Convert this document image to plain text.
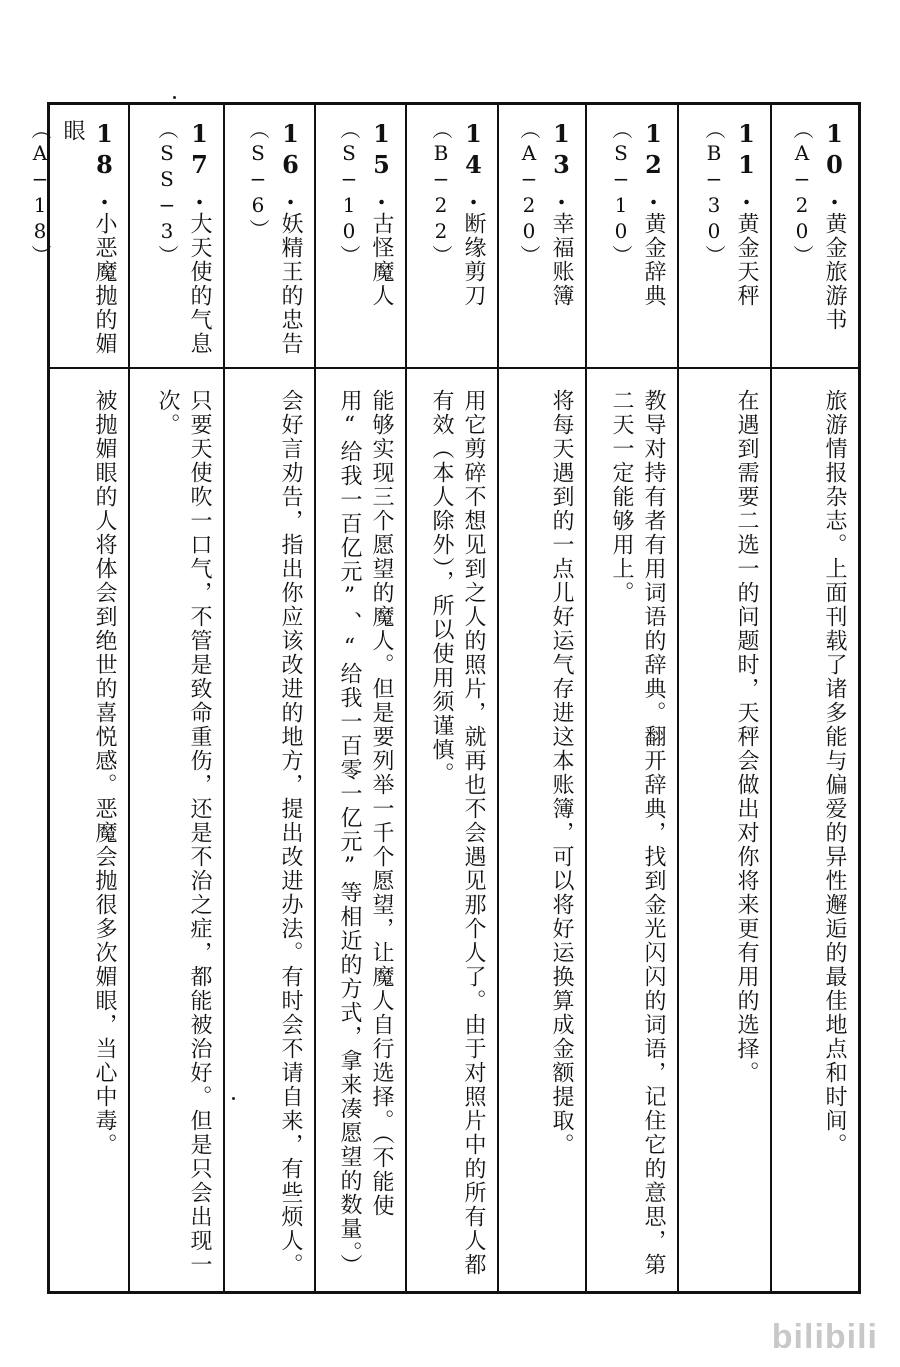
10.黄金旅游书
（A−20）
旅游情报杂志。上面刊载了诸多能与偏爱的异性邂逅的最佳地点和时间。
11.黄金天秤
（B−30）
在遇到需要二选一的问题时，天秤会做出对你将来更有用的选择。
12.黄金辞典
（S−10）
教导对持有者有用词语的辞典。翻开辞典，找到金光闪闪的词语，记住它的意思，第二天一定能够用上。
13.幸福账簿
（A−20）
将每天遇到的一点儿好运气存进这本账簿，可以将好运换算成金额提取。
14.断缘剪刀
（B−22）
用它剪碎不想见到之人的照片，就再也不会遇见那个人了。由于对照片中的所有人都有效（本人除外），所以使用须谨慎。
15.古怪魔人
（S−10）
能够实现三个愿望的魔人。但是要列举一千个愿望，让魔人自行选择。（不能使用“给我一百亿元”、“给我一百零一亿元”等相近的方式，拿来凑愿望的数量。）
16.妖精王的忠告
（S−6）
会好言劝告，指出你应该改进的地方，提出改进办法。有时会不请自来，有些烦人。
17.大天使的气息
（SS−3）
只要天使吹一口气，不管是致命重伤，还是不治之症，都能被治好。但是只会出现一次。
18.小恶魔抛的媚眼
（A−18）
被抛媚眼的人将体会到绝世的喜悦感。恶魔会抛很多次媚眼，当心中毒。
bilibili
